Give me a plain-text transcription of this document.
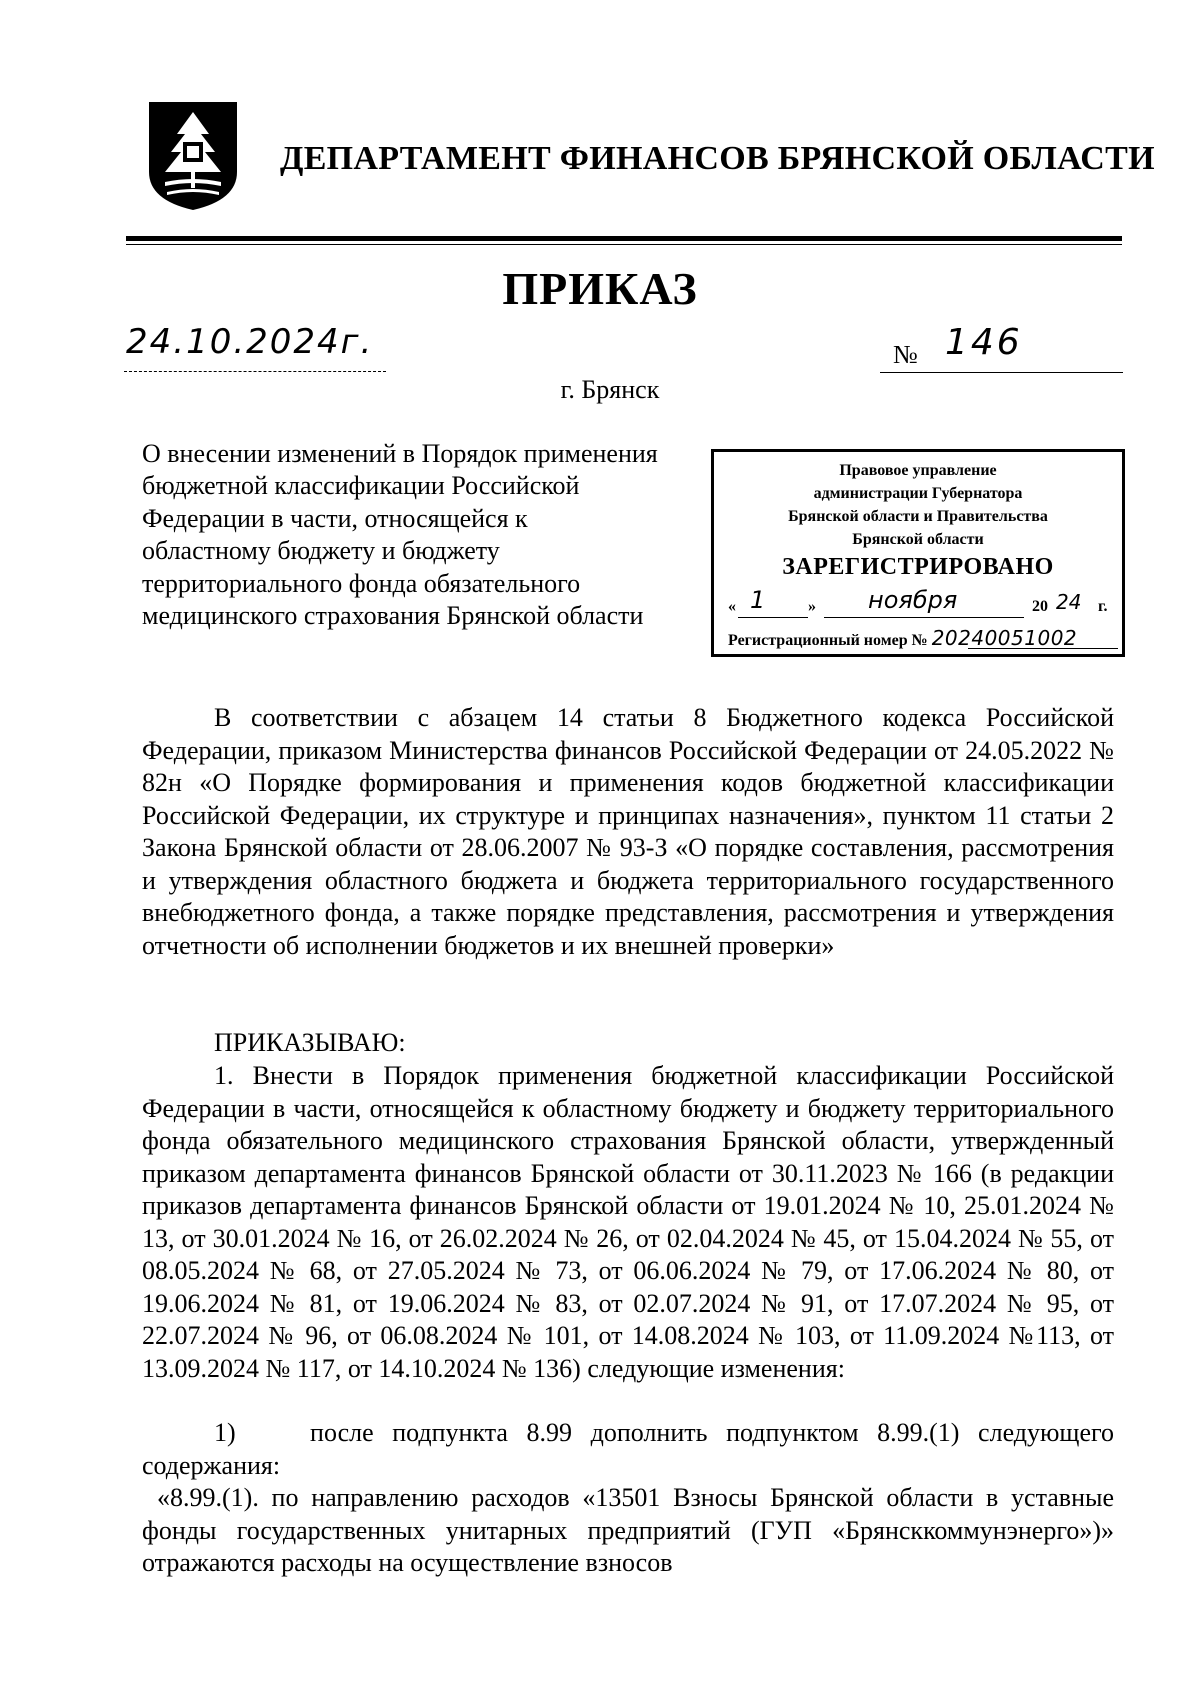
ДЕПАРТАМЕНТ ФИНАНСОВ БРЯНСКОЙ ОБЛАСТИ
ПРИКАЗ
24.10.2024г.	№ 146
г. Брянск
О внесении изменений в Порядок применения бюджетной классификации Российской Федерации в части, относящейся к областному бюджету и бюджету территориального фонда обязательного медицинского страхования Брянской области
Правовое управление
администрации Губернатора
Брянской области и Правительства
Брянской области
ЗАРЕГИСТРИРОВАНО
« 1	» ноября	20 24 г.
Регистрационный номер № 20240051002
В соответствии с абзацем 14 статьи 8 Бюджетного кодекса Российской Федерации, приказом Министерства финансов Российской Федерации от 24.05.2022 № 82н «О Порядке формирования и применения кодов бюджетной классификации Российской Федерации, их структуре и принципах назначения», пунктом 11 статьи 2 Закона Брянской области от 28.06.2007 № 93-З «О порядке составления, рассмотрения и утверждения областного бюджета и бюджета территориального государственного внебюджетного фонда, а также порядке представления, рассмотрения и утверждения отчетности об исполнении бюджетов и их внешней проверки»
ПРИКАЗЫВАЮ:
1. Внести в Порядок применения бюджетной классификации Российской Федерации в части, относящейся к областному бюджету и бюджету территориального фонда обязательного медицинского страхования Брянской области, утвержденный приказом департамента финансов Брянской области от 30.11.2023 № 166 (в редакции приказов департамента финансов Брянской области от 19.01.2024 № 10, 25.01.2024 № 13, от 30.01.2024 № 16, от 26.02.2024 № 26, от 02.04.2024 № 45, от 15.04.2024 № 55, от 08.05.2024 № 68, от 27.05.2024 № 73, от 06.06.2024 № 79, от 17.06.2024 № 80, от 19.06.2024 № 81, от 19.06.2024 № 83, от 02.07.2024 № 91, от 17.07.2024 № 95, от 22.07.2024 № 96, от 06.08.2024 № 101, от 14.08.2024 № 103, от 11.09.2024 №113, от 13.09.2024 № 117, от 14.10.2024 № 136) следующие изменения:
1)    после подпункта 8.99 дополнить подпунктом 8.99.(1) следующего содержания:
«8.99.(1). по направлению расходов «13501 Взносы Брянской области в уставные фонды государственных унитарных предприятий (ГУП «Брянсккоммунэнерго»)» отражаются расходы на осуществление взносов
